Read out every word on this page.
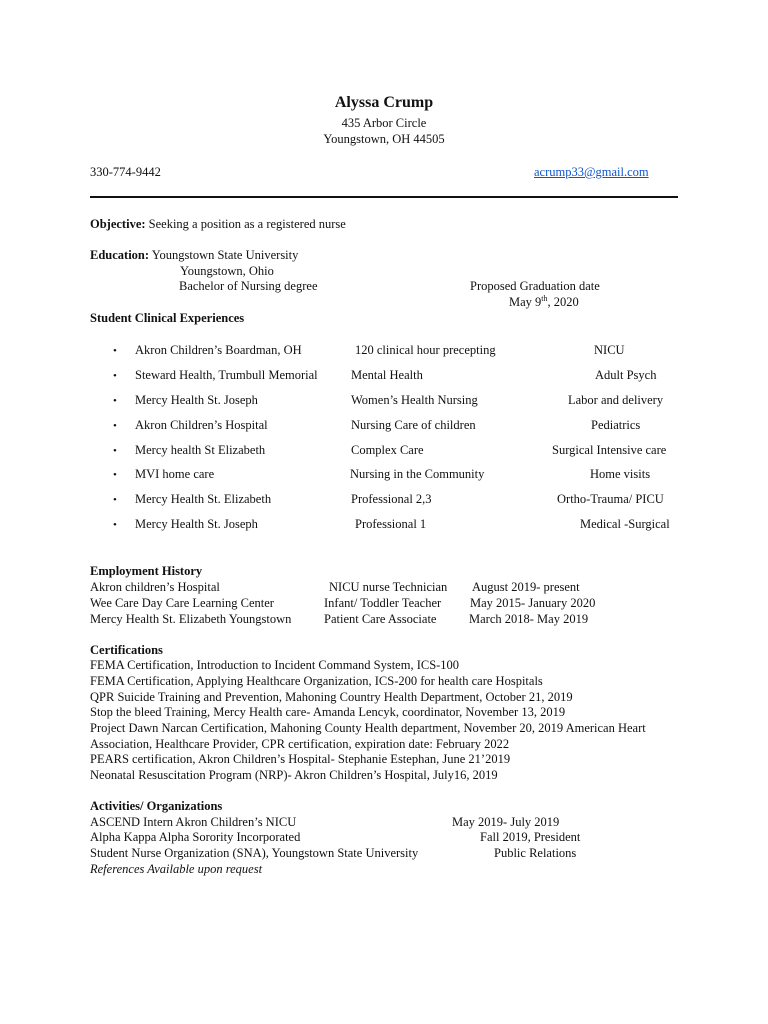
Alyssa Crump
435 Arbor Circle
Youngstown, OH 44505
330-774-9442	acrump33@gmail.com
Objective: Seeking a position as a registered nurse
Education: Youngstown State University
Youngstown, Ohio
Bachelor of Nursing degree	Proposed Graduation date
May 9th, 2020
Student Clinical Experiences
• Akron Children’s Boardman, OH	120 clinical hour precepting	NICU
• Steward Health, Trumbull Memorial	Mental Health	Adult Psych
• Mercy Health St. Joseph	Women’s Health Nursing	Labor and delivery
• Akron Children’s Hospital	Nursing Care of children	Pediatrics
• Mercy health St Elizabeth	Complex Care	Surgical Intensive care
• MVI home care	Nursing in the Community	Home visits
• Mercy Health St. Elizabeth	Professional 2,3	Ortho-Trauma/ PICU
• Mercy Health St. Joseph	Professional 1	Medical -Surgical
Employment History
Akron children’s Hospital	NICU nurse Technician August 2019- present
Wee Care Day Care Learning Center	Infant/ Toddler Teacher May 2015- January 2020
Mercy Health St. Elizabeth Youngstown	Patient Care Associate	March 2018- May 2019
Certifications
FEMA Certification, Introduction to Incident Command System, ICS-100
FEMA Certification, Applying Healthcare Organization, ICS-200 for health care Hospitals
QPR Suicide Training and Prevention, Mahoning Country Health Department, October 21, 2019
Stop the bleed Training, Mercy Health care- Amanda Lencyk, coordinator, November 13, 2019
Project Dawn Narcan Certification, Mahoning County Health department, November 20, 2019 American Heart
Association, Healthcare Provider, CPR certification, expiration date: February 2022
PEARS certification, Akron Children’s Hospital- Stephanie Estephan, June 21’2019
Neonatal Resuscitation Program (NRP)- Akron Children’s Hospital, July16, 2019
Activities/ Organizations
ASCEND Intern Akron Children’s NICU	May 2019- July 2019
Alpha Kappa Alpha Sorority Incorporated	Fall 2019, President
Student Nurse Organization (SNA), Youngstown State University	Public Relations
References Available upon request
